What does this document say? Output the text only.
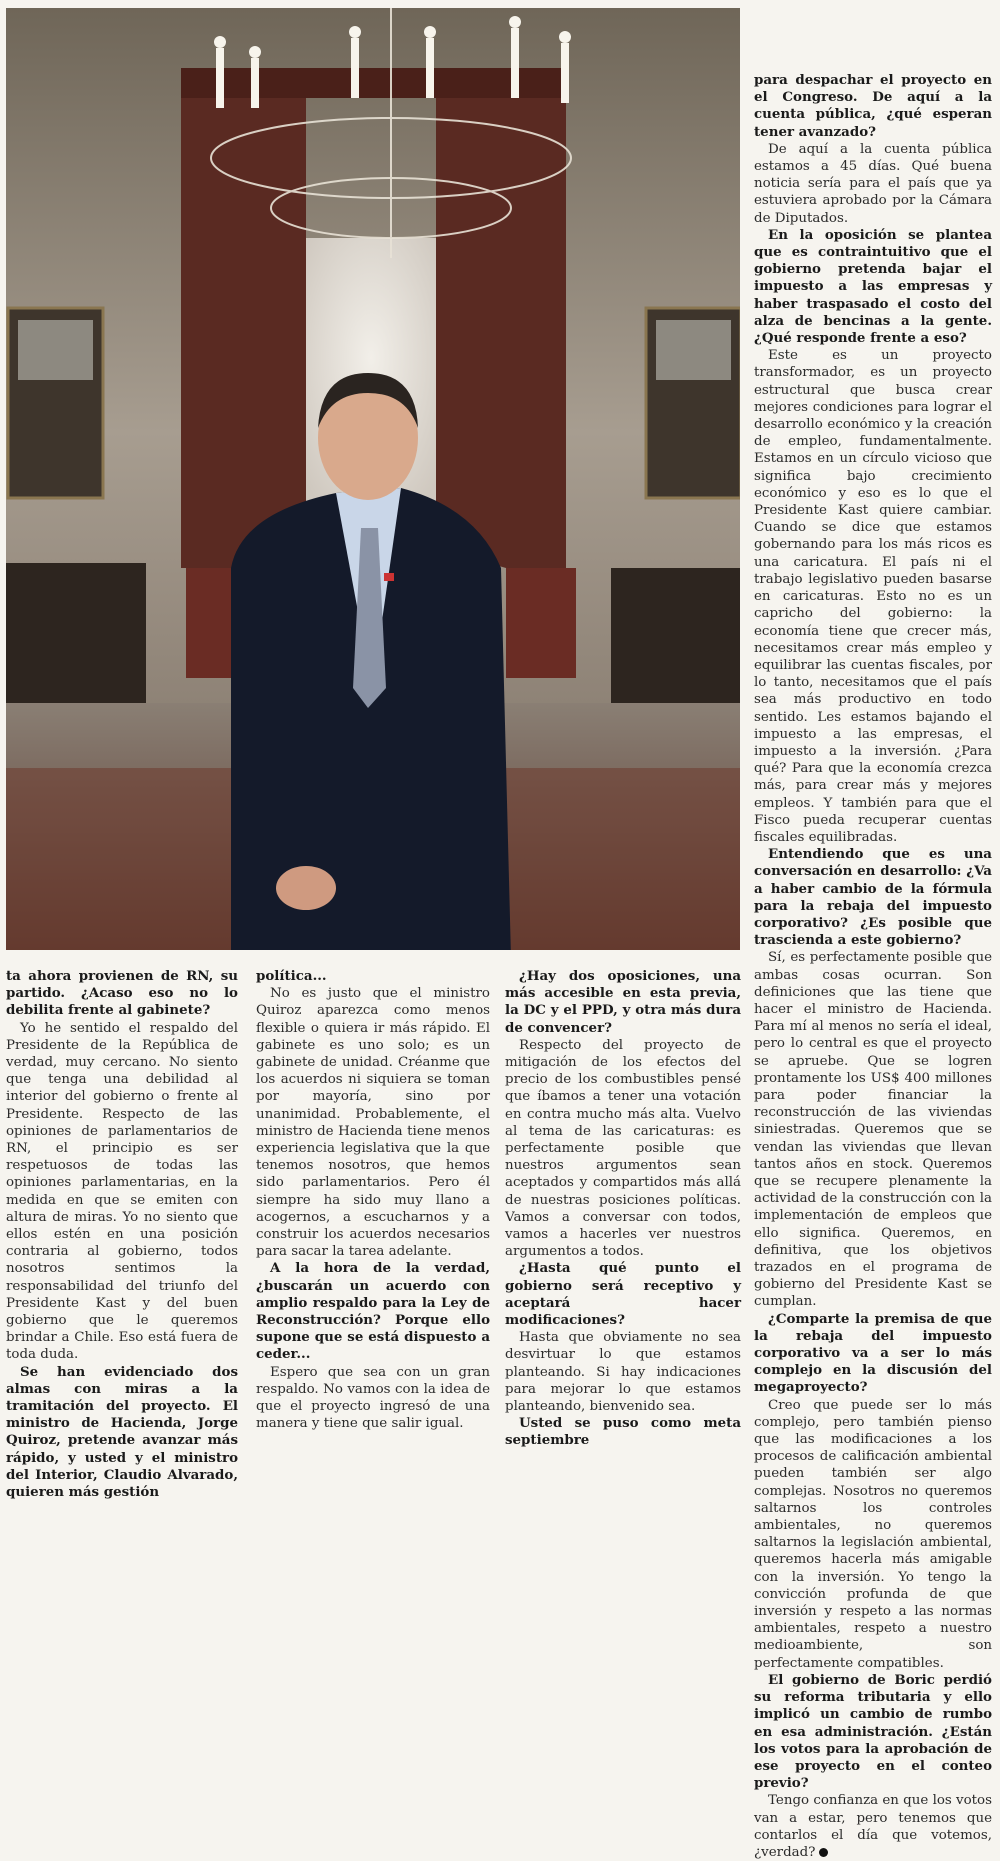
para despachar el proyecto en el Congreso. De aquí a la cuenta pública, ¿qué esperan tener avanzado?

De aquí a la cuenta pública estamos a 45 días. Qué buena noticia sería para el país que ya estuviera aprobado por la Cámara de Diputados.

En la oposición se plantea que es contraintuitivo que el gobierno pretenda bajar el impuesto a las empresas y haber traspasado el costo del alza de bencinas a la gente. ¿Qué responde frente a eso?

Este es un proyecto transformador, es un proyecto estructural que busca crear mejores condiciones para lograr el desarrollo económico y la creación de empleo, fundamentalmente. Estamos en un círculo vicioso que significa bajo crecimiento económico y eso es lo que el Presidente Kast quiere cambiar. Cuando se dice que estamos gobernando para los más ricos es una caricatura. El país ni el trabajo legislativo pueden basarse en caricaturas. Esto no es un capricho del gobierno: la economía tiene que crecer más, necesitamos crear más empleo y equilibrar las cuentas fiscales, por lo tanto, necesitamos que el país sea más productivo en todo sentido. Les estamos bajando el impuesto a las empresas, el impuesto a la inversión. ¿Para qué? Para que la economía crezca más, para crear más y mejores empleos. Y también para que el Fisco pueda recuperar cuentas fiscales equilibradas.

Entendiendo que es una conversación en desarrollo: ¿Va a haber cambio de la fórmula para la rebaja del impuesto corporativo? ¿Es posible que trascienda a este gobierno?

Sí, es perfectamente posible que ambas cosas ocurran. Son definiciones que las tiene que hacer el ministro de Hacienda. Para mí al menos no sería el ideal, pero lo central es que el proyecto se apruebe. Que se logren prontamente los US$ 400 millones para poder financiar la reconstrucción de las viviendas siniestradas. Queremos que se vendan las viviendas que llevan tantos años en stock. Queremos que se recupere plenamente la actividad de la construcción con la implementación de empleos que ello significa. Queremos, en definitiva, que los objetivos trazados en el programa de gobierno del Presidente Kast se cumplan.

¿Comparte la premisa de que la rebaja del impuesto corporativo va a ser lo más complejo en la discusión del megaproyecto?

Creo que puede ser lo más complejo, pero también pienso que las modificaciones a los procesos de calificación ambiental pueden también ser algo complejas. Nosotros no queremos saltarnos los controles ambientales, no queremos saltarnos la legislación ambiental, queremos hacerla más amigable con la inversión. Yo tengo la convicción profunda de que inversión y respeto a las normas ambientales, respeto a nuestro medioambiente, son perfectamente compatibles.

El gobierno de Boric perdió su reforma tributaria y ello implicó un cambio de rumbo en esa administración. ¿Están los votos para la aprobación de ese proyecto en el conteo previo?

Tengo confianza en que los votos van a estar, pero tenemos que contarlos el día que votemos, ¿verdad?

ta ahora provienen de RN, su partido. ¿Acaso eso no lo debilita frente al gabinete?

Yo he sentido el respaldo del Presidente de la República de verdad, muy cercano. No siento que tenga una debilidad al interior del gobierno o frente al Presidente. Respecto de las opiniones de parlamentarios de RN, el principio es ser respetuosos de todas las opiniones parlamentarias, en la medida en que se emiten con altura de miras. Yo no siento que ellos estén en una posición contraria al gobierno, todos nosotros sentimos la responsabilidad del triunfo del Presidente Kast y del buen gobierno que le queremos brindar a Chile. Eso está fuera de toda duda.

Se han evidenciado dos almas con miras a la tramitación del proyecto. El ministro de Hacienda, Jorge Quiroz, pretende avanzar más rápido, y usted y el ministro del Interior, Claudio Alvarado, quieren más gestión

política...

No es justo que el ministro Quiroz aparezca como menos flexible o quiera ir más rápido. El gabinete es uno solo; es un gabinete de unidad. Créanme que los acuerdos ni siquiera se toman por mayoría, sino por unanimidad. Probablemente, el ministro de Hacienda tiene menos experiencia legislativa que la que tenemos nosotros, que hemos sido parlamentarios. Pero él siempre ha sido muy llano a acogernos, a escucharnos y a construir los acuerdos necesarios para sacar la tarea adelante.

A la hora de la verdad, ¿buscarán un acuerdo con amplio respaldo para la Ley de Reconstrucción? Porque ello supone que se está dispuesto a ceder...

Espero que sea con un gran respaldo. No vamos con la idea de que el proyecto ingresó de una manera y tiene que salir igual.

¿Hay dos oposiciones, una más accesible en esta previa, la DC y el PPD, y otra más dura de convencer?

Respecto del proyecto de mitigación de los efectos del precio de los combustibles pensé que íbamos a tener una votación en contra mucho más alta. Vuelvo al tema de las caricaturas: es perfectamente posible que nuestros argumentos sean aceptados y compartidos más allá de nuestras posiciones políticas. Vamos a conversar con todos, vamos a hacerles ver nuestros argumentos a todos.

¿Hasta qué punto el gobierno será receptivo y aceptará hacer modificaciones?

Hasta que obviamente no sea desvirtuar lo que estamos planteando. Si hay indicaciones para mejorar lo que estamos planteando, bienvenido sea.

Usted se puso como meta septiembre
